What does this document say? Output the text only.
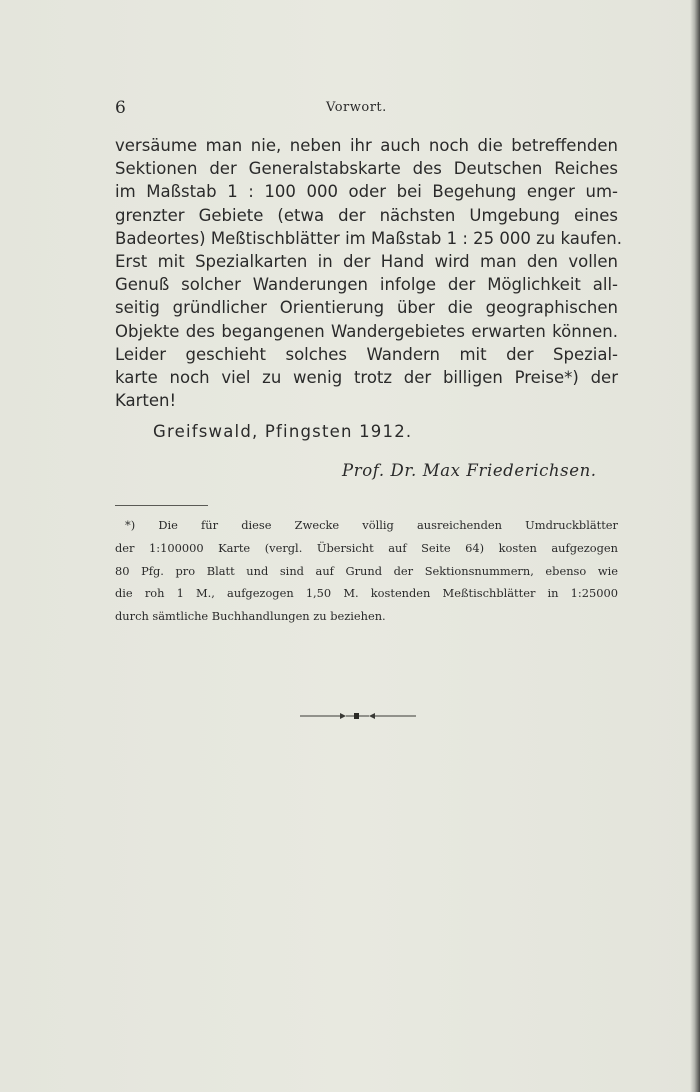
6	Vorwort.
versäume man nie, neben ihr auch noch die betreffenden
Sektionen der Generalstabskarte des Deutschen Reiches
im Maßstab 1 : 100 000 oder bei Begehung enger um-
grenzter Gebiete (etwa der nächsten Umgebung eines
Badeortes) Meßtischblätter im Maßstab 1 : 25 000 zu kaufen.
Erst mit Spezialkarten in der Hand wird man den vollen
Genuß solcher Wanderungen infolge der Möglichkeit all-
seitig gründlicher Orientierung über die geographischen
Objekte des begangenen Wandergebietes erwarten können.
Leider geschieht solches Wandern mit der Spezial-
karte noch viel zu wenig trotz der billigen Preise*) der
Karten!
Greifswald, Pfingsten 1912.
Prof. Dr. Max Friederichsen.
*) Die für diese Zwecke völlig ausreichenden Umdruckblätter
der 1:100000 Karte (vergl. Übersicht auf Seite 64) kosten aufgezogen
80 Pfg. pro Blatt und sind auf Grund der Sektionsnummern, ebenso wie
die roh 1 M., aufgezogen 1,50 M. kostenden Meßtischblätter in 1:25000
durch sämtliche Buchhandlungen zu beziehen.
